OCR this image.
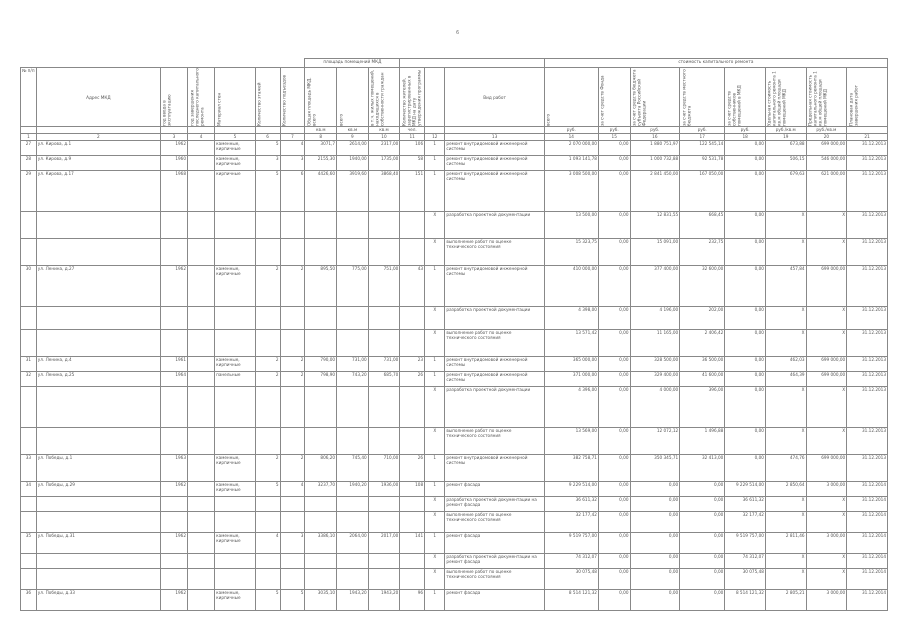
6
							площадь помещений МКД						стоимость капитального ремонта							
№ п/п	Адрес МКД	год ввода в эксплуатацию	год завершения последнего капитального ремонта	Материал стен	Количество этажей	Количество подъездов	Общая площадь МКД, всего	всего	в т.ч. жилых помещений, находящихся в собственности граждан	Количество жителей, зарегистрированных в МКД на дату утверждения программы		Вид работ	всего	за счет средств Фонда	за счет средств бюджета субъекта Российской Федерации	за счет средств местного бюджета	за счет средств собственников помещений в МКД	Удельная стоимость капитального ремонта 1 кв.м общей площади помещений МКД	Предельная стоимость капитального ремонта 1 кв.м общей площади помещений МКД	Плановая дата завершения работ
							кв.м	кв.м	кв.м	чел.			руб.	руб.	руб.	руб.	руб.	руб./кв.м	руб./кв.м	
1	2	3	4	5	6	7	8	9	10	11	12	13	14	15	16	17	18	19	20	21
27	ул. Кирова, д.1	1962		каменные, кирпичные	5	4	3071,7	2614,00	2317,00	106	1	ремонт внутридомовой инженерной системы	2 070 000,00	0,00	1 880 751,97	122 545,14	0,00	673,88	699 000,00	31.12.2013
28	ул. Кирова, д.9	1960		каменные, кирпичные	3	3	2155,30	1940,00	1735,00	58	1	ремонт внутридомовой инженерной системы	1 093 141,78	0,00	1 000 732,88	92 531,78	0,00	506,15	546 000,00	31.12.2013
29	ул. Кирова, д.17	1968		кирпичные	5	6	4426,60	3919,60	3868,40	151	1	ремонт внутридомовой инженерной системы	3 008 500,00	0,00	2 841 450,00	167 050,00	0,00	679,63	621 000,00	31.12.2013
											X	разработка проектной документации	13 500,00	0,00	12 831,55	668,45	0,00	X	X	31.12.2013
											X	выполнение работ по оценке технического состояния	15 323,75	0,00	15 091,00	232,75	0,00	X	X	31.12.2013
30	ул. Ленина, д.27	1962		каменные, кирпичные	2	2	895,50	775,00	751,00	43	1	ремонт внутридомовой инженерной системы	410 000,00	0,00	377 400,00	32 600,00	0,00	457,84	699 000,00	31.12.2013
											X	разработка проектной документации	4 398,00	0,00	4 196,00	202,00	0,00	X	X	31.12.2013
											X	выполнение работ по оценке технического состояния	13 571,42	0,00	11 165,00	2 406,42	0,00	X	X	31.12.2013
31	ул. Ленина, д.4	1961		каменные, кирпичные	2	2	790,00	731,00	731,00	23	1	ремонт внутридомовой инженерной системы	365 000,00	0,00	328 500,00	36 500,00	0,00	462,03	699 000,00	31.12.2013
32	ул. Ленина, д.25	1964		панельные	2	2	798,90	743,20	685,70	26	1	ремонт внутридомовой инженерной системы	371 000,00	0,00	329 400,00	41 600,00	0,00	464,39	699 000,00	31.12.2013
											X	разработка проектной документации	4 396,00	0,00	4 000,00	396,00	0,00	X	X	31.12.2013
											X	выполнение работ по оценке технического состояния	13 569,00	0,00	12 072,12	1 496,88	0,00	X	X	31.12.2013
33	ул. Победы, д.1	1963		каменные, кирпичные	2	2	806,20	745,40	710,00	26	1	ремонт внутридомовой инженерной системы	382 758,71	0,00	350 345,71	32 413,00	0,00	474,76	699 000,00	31.12.2013
34	ул. Победы, д.29	1962		каменные, кирпичные	5	4	3237,70	1940,20	1936,00	108	1	ремонт фасада	9 229 514,00	0,00	0,00	0,00	9 229 514,00	2 850,64	3 000,00	31.12.2014
											X	разработка проектной документации на ремонт фасада	36 611,32	0,00	0,00	0,00	36 611,32	X	X	31.12.2014
											X	выполнение работ по оценке технического состояния	32 177,42	0,00	0,00	0,00	32 177,42	X	X	31.12.2014
35	ул. Победы, д.31	1962		каменные, кирпичные	4	3	3386,10	2064,00	2017,00	141	1	ремонт фасада	9 519 757,00	0,00	0,00	0,00	9 519 757,00	2 811,46	3 000,00	31.12.2014
											X	разработка проектной документации на ремонт фасада	74 312,07	0,00	0,00	0,00	74 312,07	X	X	31.12.2014
											X	выполнение работ по оценке технического состояния	30 075,48	0,00	0,00	0,00	30 075,48	X	X	31.12.2014
36	ул. Победы, д.33	1962		каменные, кирпичные	5	5	3035,10	1943,20	1943,20	96	1	ремонт фасада	8 514 121,32	0,00	0,00	0,00	8 514 121,32	2 805,21	3 000,00	31.12.2014
